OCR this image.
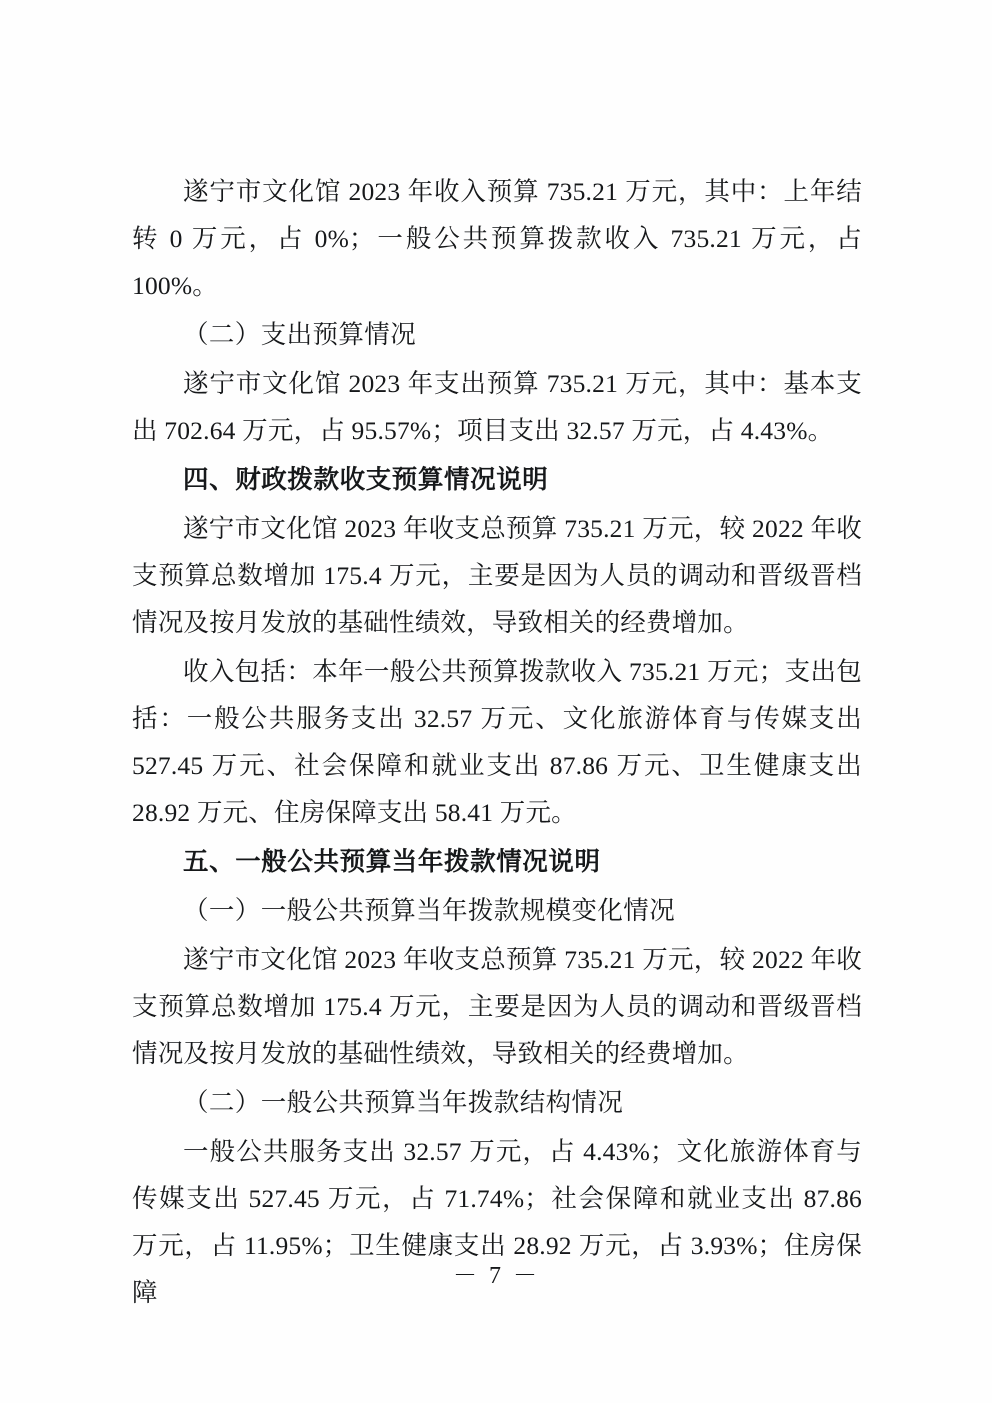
遂宁市文化馆 2023 年收入预算 735.21 万元，其中：上年结转 0 万元，占 0%；一般公共预算拨款收入 735.21 万元，占 100%。

（二）支出预算情况

遂宁市文化馆 2023 年支出预算 735.21 万元，其中：基本支出 702.64 万元，占 95.57%；项目支出 32.57 万元，占 4.43%。

四、财政拨款收支预算情况说明

遂宁市文化馆 2023 年收支总预算 735.21 万元，较 2022 年收支预算总数增加 175.4 万元，主要是因为人员的调动和晋级晋档情况及按月发放的基础性绩效，导致相关的经费增加。

收入包括：本年一般公共预算拨款收入 735.21 万元；支出包括：一般公共服务支出 32.57 万元、文化旅游体育与传媒支出 527.45 万元、社会保障和就业支出 87.86 万元、卫生健康支出 28.92 万元、住房保障支出 58.41 万元。

五、一般公共预算当年拨款情况说明

（一）一般公共预算当年拨款规模变化情况

遂宁市文化馆 2023 年收支总预算 735.21 万元，较 2022 年收支预算总数增加 175.4 万元，主要是因为人员的调动和晋级晋档情况及按月发放的基础性绩效，导致相关的经费增加。

（二）一般公共预算当年拨款结构情况

一般公共服务支出 32.57 万元，占 4.43%；文化旅游体育与传媒支出 527.45 万元，占 71.74%；社会保障和就业支出 87.86 万元，占 11.95%；卫生健康支出 28.92 万元，占 3.93%；住房保障

－ 7 －
